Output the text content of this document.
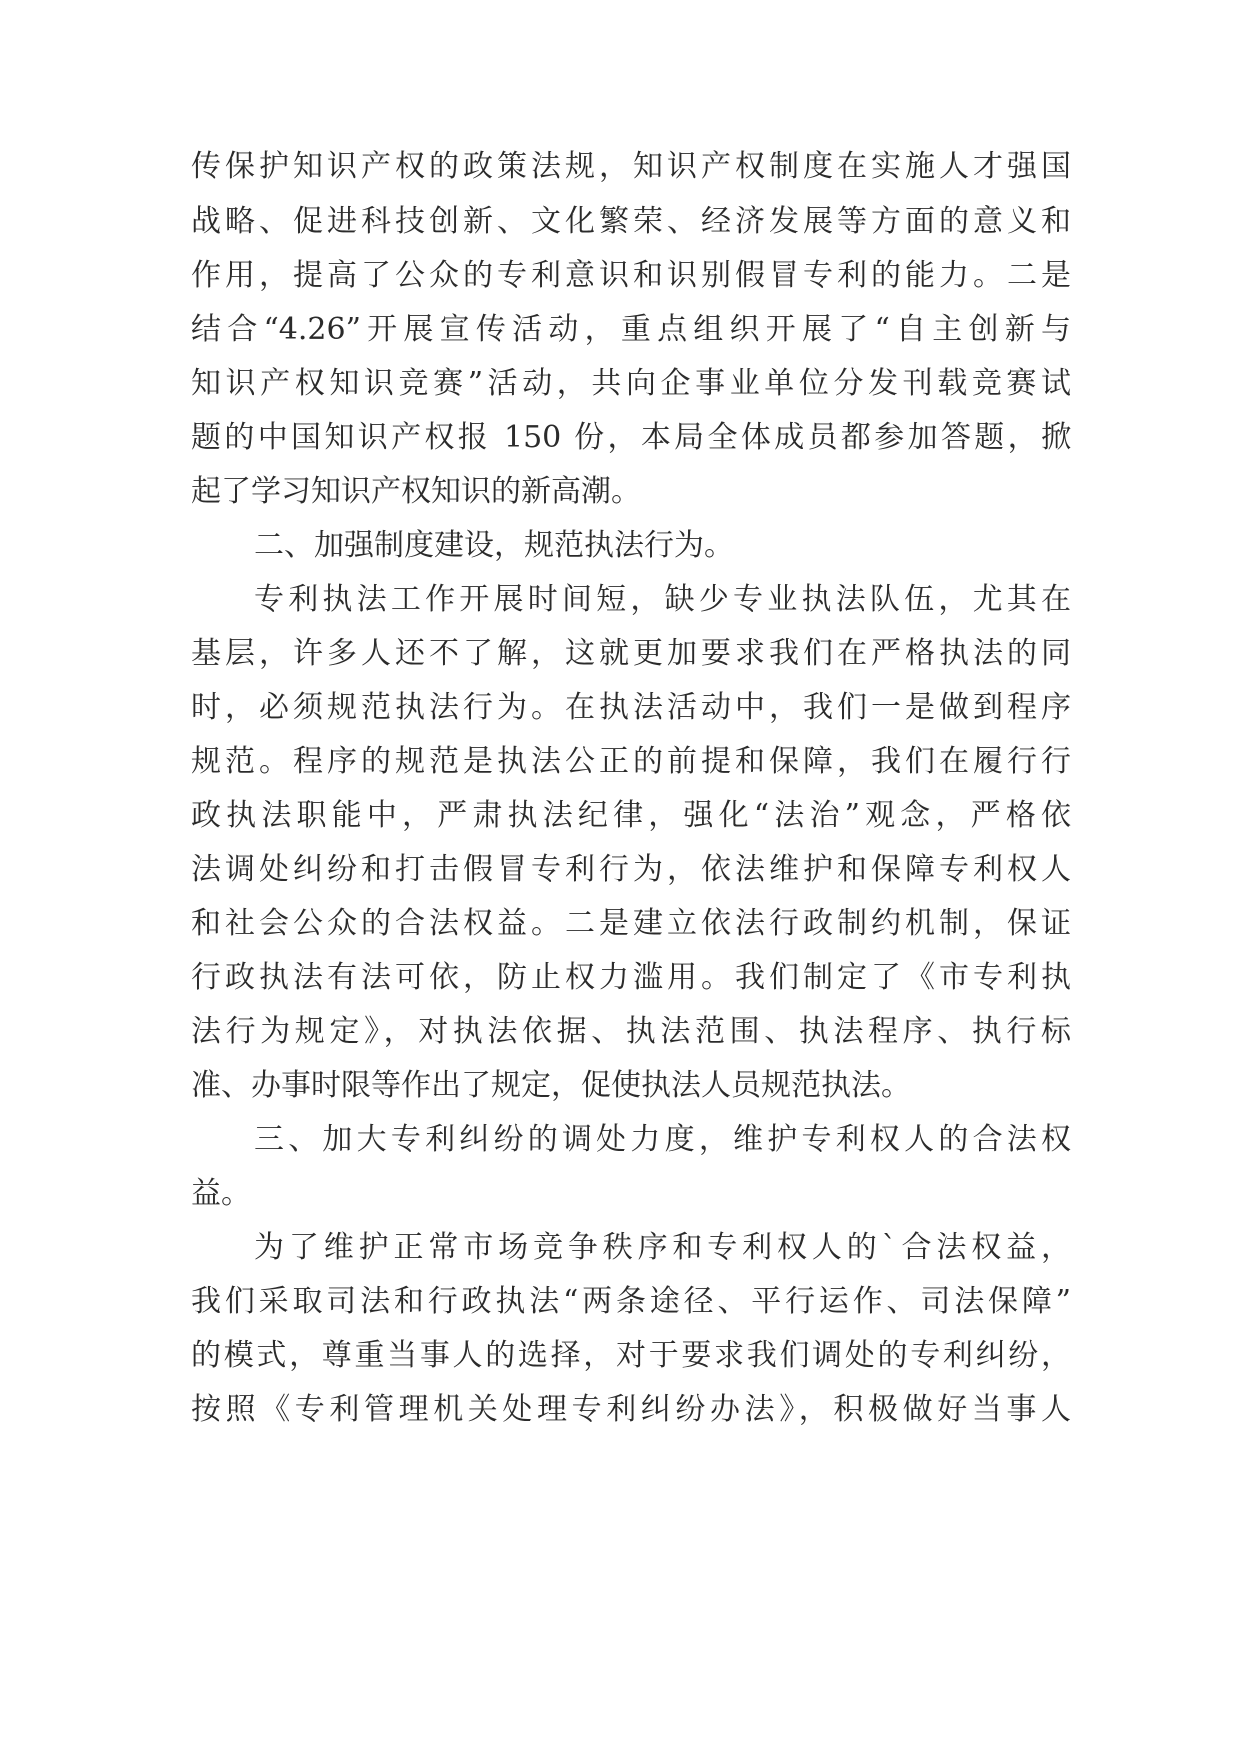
传保护知识产权的政策法规，知识产权制度在实施人才强国

战略、促进科技创新、文化繁荣、经济发展等方面的意义和

作用，提高了公众的专利意识和识别假冒专利的能力。二是

结合“4.26”开展宣传活动，重点组织开展了“自主创新与

知识产权知识竞赛”活动，共向企事业单位分发刊载竞赛试

题的中国知识产权报 150 份，本局全体成员都参加答题，掀

起了学习知识产权知识的新高潮。

二、加强制度建设，规范执法行为。

专利执法工作开展时间短，缺少专业执法队伍，尤其在

基层，许多人还不了解，这就更加要求我们在严格执法的同

时，必须规范执法行为。在执法活动中，我们一是做到程序

规范。程序的规范是执法公正的前提和保障，我们在履行行

政执法职能中，严肃执法纪律，强化“法治”观念，严格依

法调处纠纷和打击假冒专利行为，依法维护和保障专利权人

和社会公众的合法权益。二是建立依法行政制约机制，保证

行政执法有法可依，防止权力滥用。我们制定了《市专利执

法行为规定》，对执法依据、执法范围、执法程序、执行标

准、办事时限等作出了规定，促使执法人员规范执法。

三、加大专利纠纷的调处力度，维护专利权人的合法权

益。

为了维护正常市场竞争秩序和专利权人的`合法权益，

我们采取司法和行政执法“两条途径、平行运作、司法保障”

的模式，尊重当事人的选择，对于要求我们调处的专利纠纷，

按照《专利管理机关处理专利纠纷办法》，积极做好当事人
